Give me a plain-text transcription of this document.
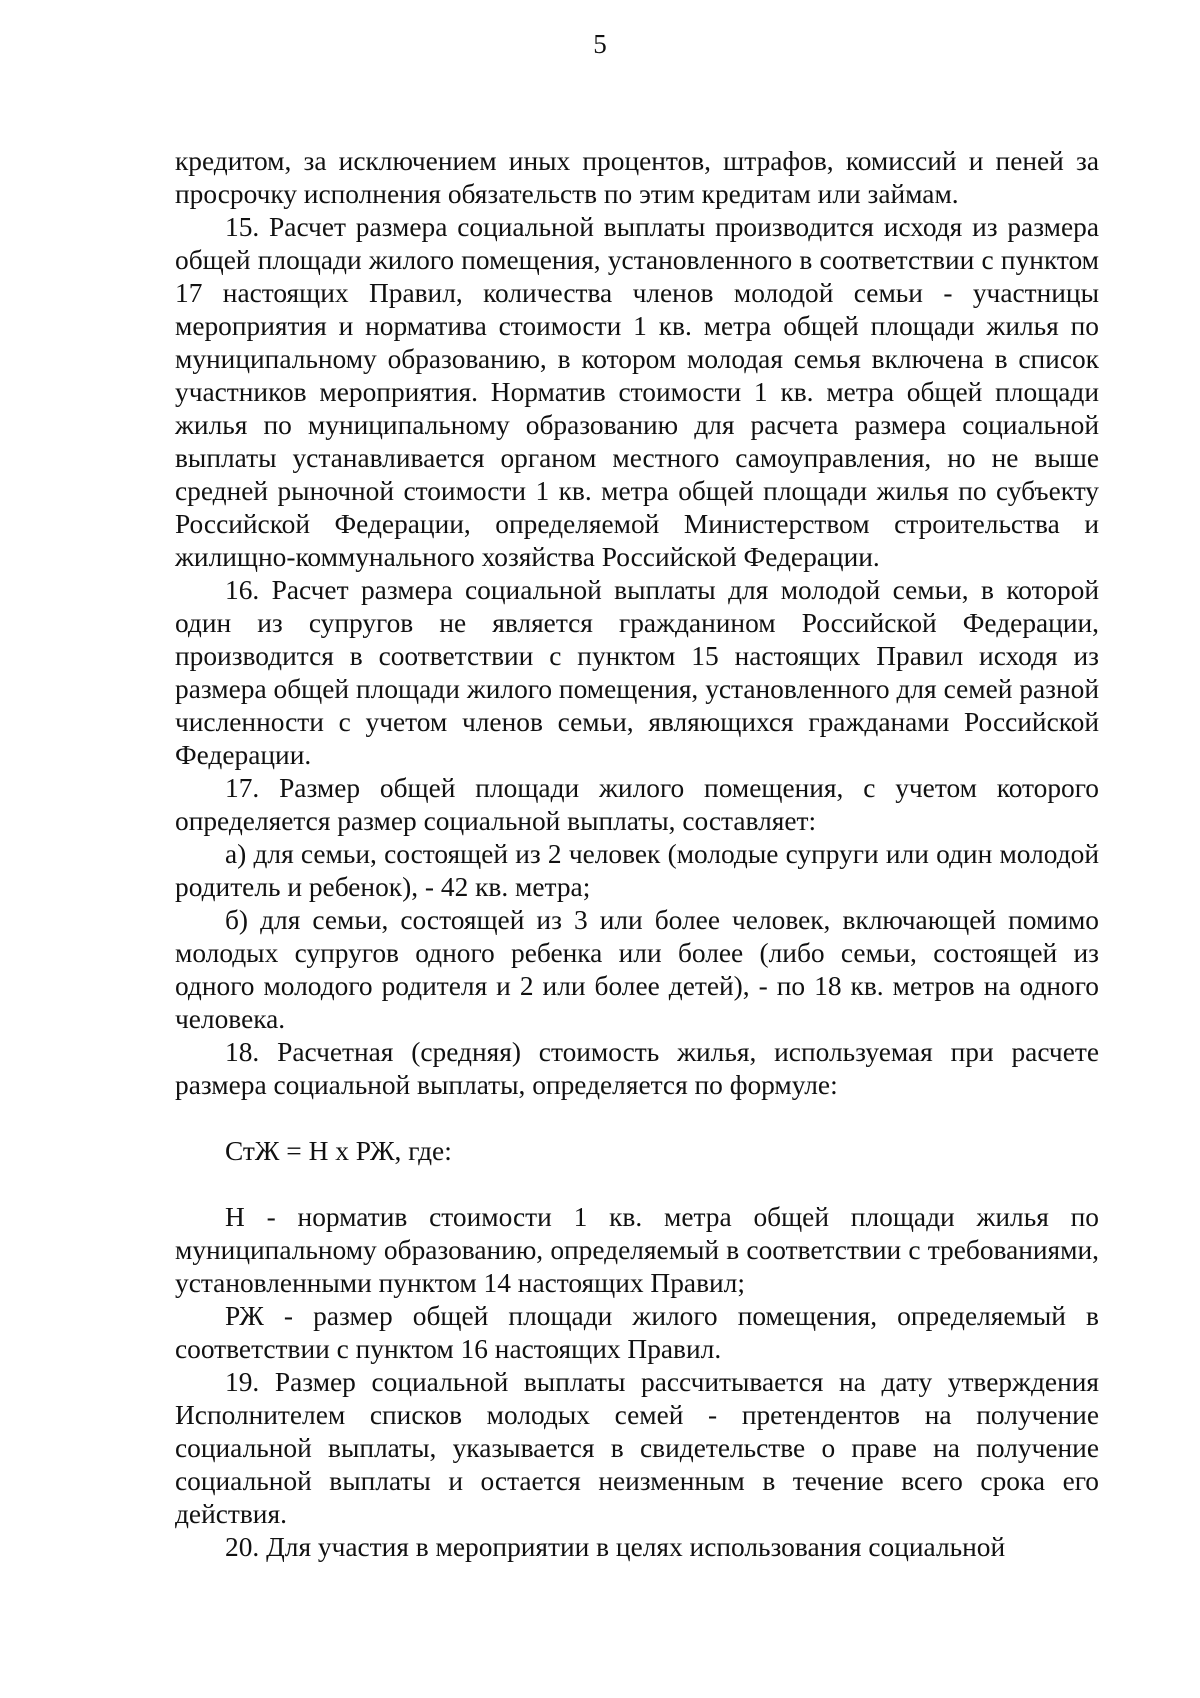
5

кредитом, за исключением иных процентов, штрафов, комиссий и пеней за просрочку исполнения обязательств по этим кредитам или займам.

15. Расчет размера социальной выплаты производится исходя из размера общей площади жилого помещения, установленного в соответствии с пунктом 17 настоящих Правил, количества членов молодой семьи - участницы мероприятия и норматива стоимости 1 кв. метра общей площади жилья по муниципальному образованию, в котором молодая семья включена в список участников мероприятия. Норматив стоимости 1 кв. метра общей площади жилья по муниципальному образованию для расчета размера социальной выплаты устанавливается органом местного самоуправления, но не выше средней рыночной стоимости 1 кв. метра общей площади жилья по субъекту Российской Федерации, определяемой Министерством строительства и жилищно-коммунального хозяйства Российской Федерации.

16. Расчет размера социальной выплаты для молодой семьи, в которой один из супругов не является гражданином Российской Федерации, производится в соответствии с пунктом 15 настоящих Правил исходя из размера общей площади жилого помещения, установленного для семей разной численности с учетом членов семьи, являющихся гражданами Российской Федерации.

17. Размер общей площади жилого помещения, с учетом которого определяется размер социальной выплаты, составляет:

а) для семьи, состоящей из 2 человек (молодые супруги или один молодой родитель и ребенок), - 42 кв. метра;

б) для семьи, состоящей из 3 или более человек, включающей помимо молодых супругов одного ребенка или более (либо семьи, состоящей из одного молодого родителя и 2 или более детей), - по 18 кв. метров на одного человека.

18. Расчетная (средняя) стоимость жилья, используемая при расчете размера социальной выплаты, определяется по формуле:

СтЖ = Н х РЖ, где:

Н - норматив стоимости 1 кв. метра общей площади жилья по муниципальному образованию, определяемый в соответствии с требованиями, установленными пунктом 14 настоящих Правил;

РЖ - размер общей площади жилого помещения, определяемый в соответствии с пунктом 16 настоящих Правил.

19. Размер социальной выплаты рассчитывается на дату утверждения Исполнителем списков молодых семей - претендентов на получение социальной выплаты, указывается в свидетельстве о праве на получение социальной выплаты и остается неизменным в течение всего срока его действия.

20. Для участия в мероприятии в целях использования социальной
